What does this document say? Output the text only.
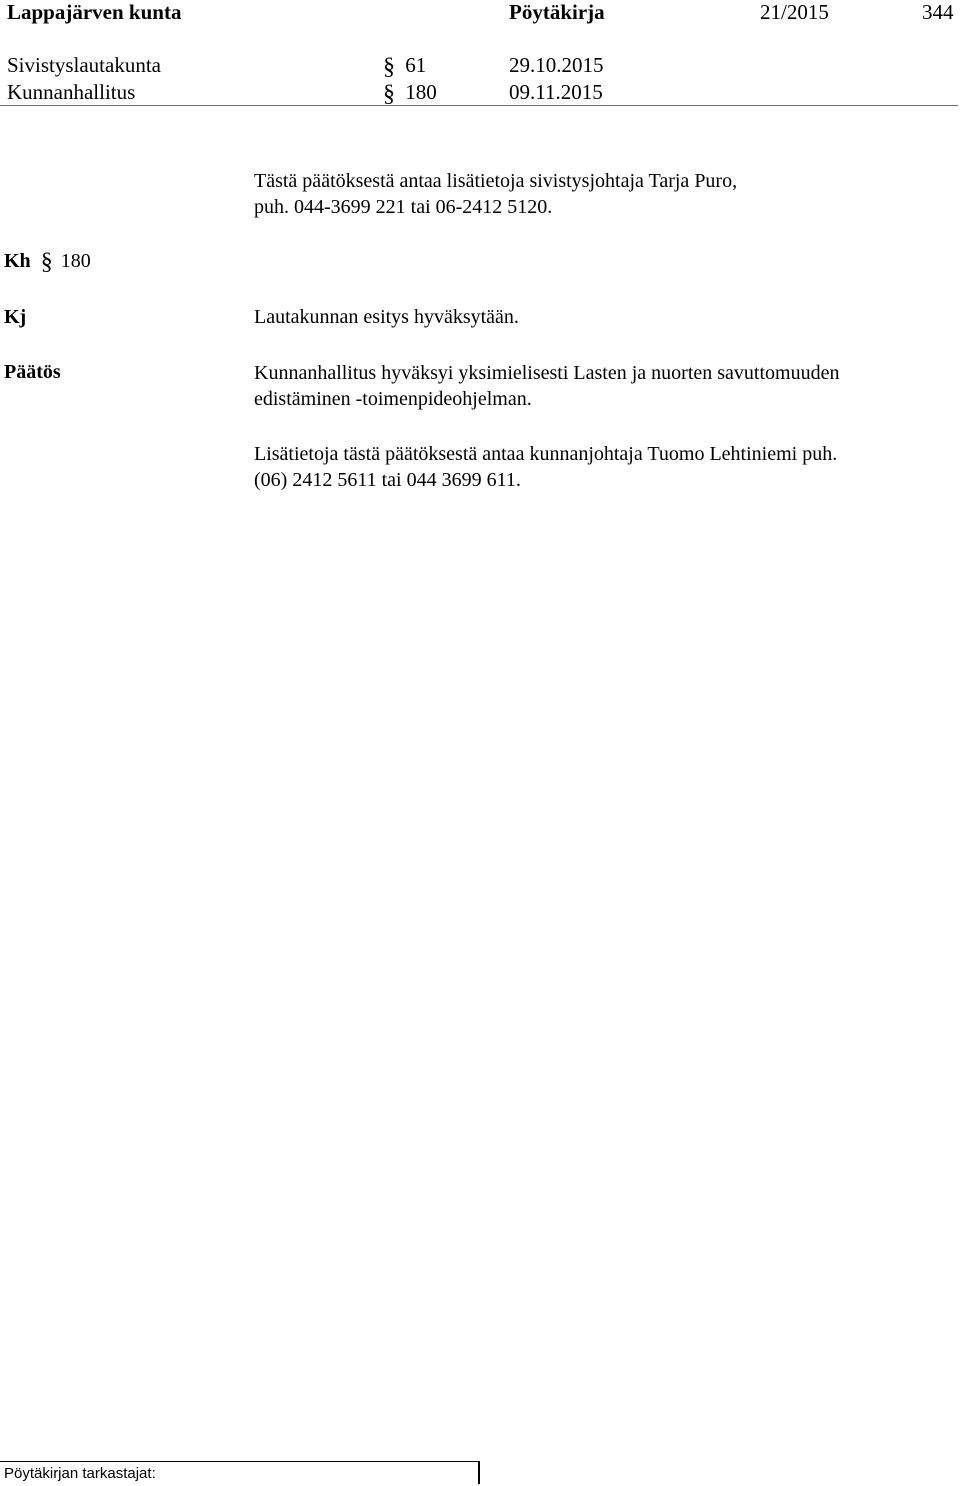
Lappajärven kunta	Pöytäkirja	21/2015	344
Sivistyslautakunta	§ 61	29.10.2015
Kunnanhallitus	§ 180	09.11.2015
Tästä päätöksestä antaa lisätietoja sivistysjohtaja Tarja Puro,
puh. 044-3699 221 tai 06-2412 5120.
Kh § 180
Kj	Lautakunnan esitys hyväksytään.
Päätös	Kunnanhallitus hyväksyi yksimielisesti Lasten ja nuorten savuttomuuden
edistäminen -toimenpideohjelman.
Lisätietoja tästä päätöksestä antaa kunnanjohtaja Tuomo Lehtiniemi puh.
(06) 2412 5611 tai 044 3699 611.
Pöytäkirjan tarkastajat:
